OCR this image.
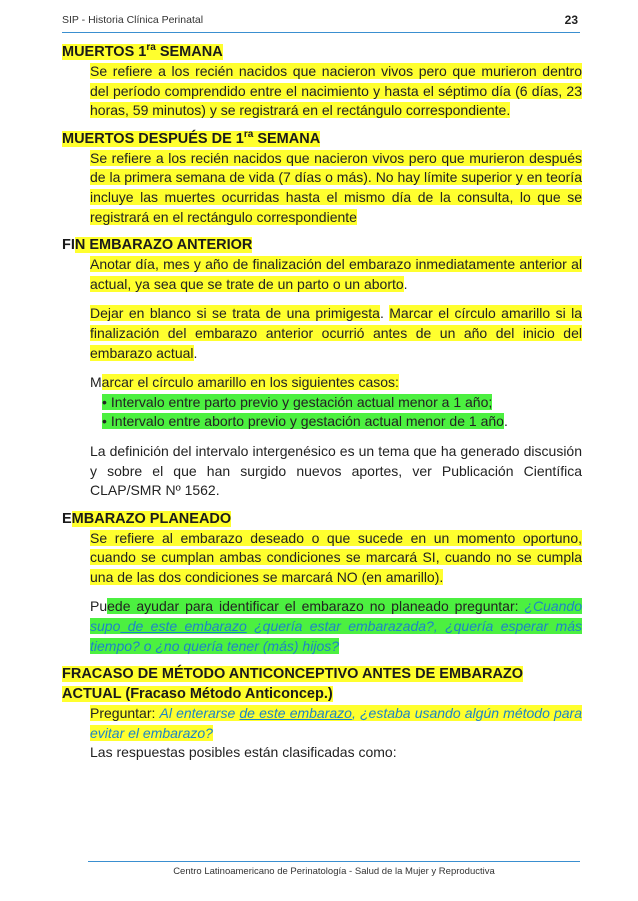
SIP - Historia Clínica Perinatal	23
MUERTOS $1^{ra}$ SEMANA

Se refiere a los recién nacidos que nacieron vivos pero que murieron dentro del período comprendido entre el nacimiento y hasta el séptimo día (6 días, 23 horas, 59 minutos) y se registrará en el rectángulo correspondiente.

MUERTOS DESPUÉS DE $1^{ra}$ SEMANA

Se refiere a los recién nacidos que nacieron vivos pero que murieron después de la primera semana de vida (7 días o más). No hay límite superior y en teoría incluye las muertes ocurridas hasta el mismo día de la consulta, lo que se registrará en el rectángulo correspondiente

FIN EMBARAZO ANTERIOR

Anotar día, mes y año de finalización del embarazo inmediatamente anterior al actual, ya sea que se trate de un parto o un aborto.

Dejar en blanco si se trata de una primigesta. Marcar el círculo amarillo si la finalización del embarazo anterior ocurrió antes de un año del inicio del embarazo actual.

Marcar el círculo amarillo en los siguientes casos:

• Intervalo entre parto previo y gestación actual menor a 1 año;
• Intervalo entre aborto previo y gestación actual menor de 1 año.

La definición del intervalo intergenésico es un tema que ha generado discusión y sobre el que han surgido nuevos aportes, ver Publicación Científica CLAP/SMR Nº 1562.

EMBARAZO PLANEADO

Se refiere al embarazo deseado o que sucede en un momento oportuno, cuando se cumplan ambas condiciones se marcará SI, cuando no se cumpla una de las dos condiciones se marcará NO (en amarillo).

Puede ayudar para identificar el embarazo no planeado preguntar: ¿Cuando supo de este embarazo ¿quería estar embarazada?, ¿quería esperar más tiempo? o ¿no quería tener (más) hijos?

FRACASO DE MÉTODO ANTICONCEPTIVO ANTES DE EMBARAZO ACTUAL (Fracaso Método Anticoncep.)

Preguntar: Al enterarse de este embarazo, ¿estaba usando algún método para evitar el embarazo?

Las respuestas posibles están clasificadas como:

Centro Latinoamericano de Perinatología - Salud de la Mujer y Reproductiva
